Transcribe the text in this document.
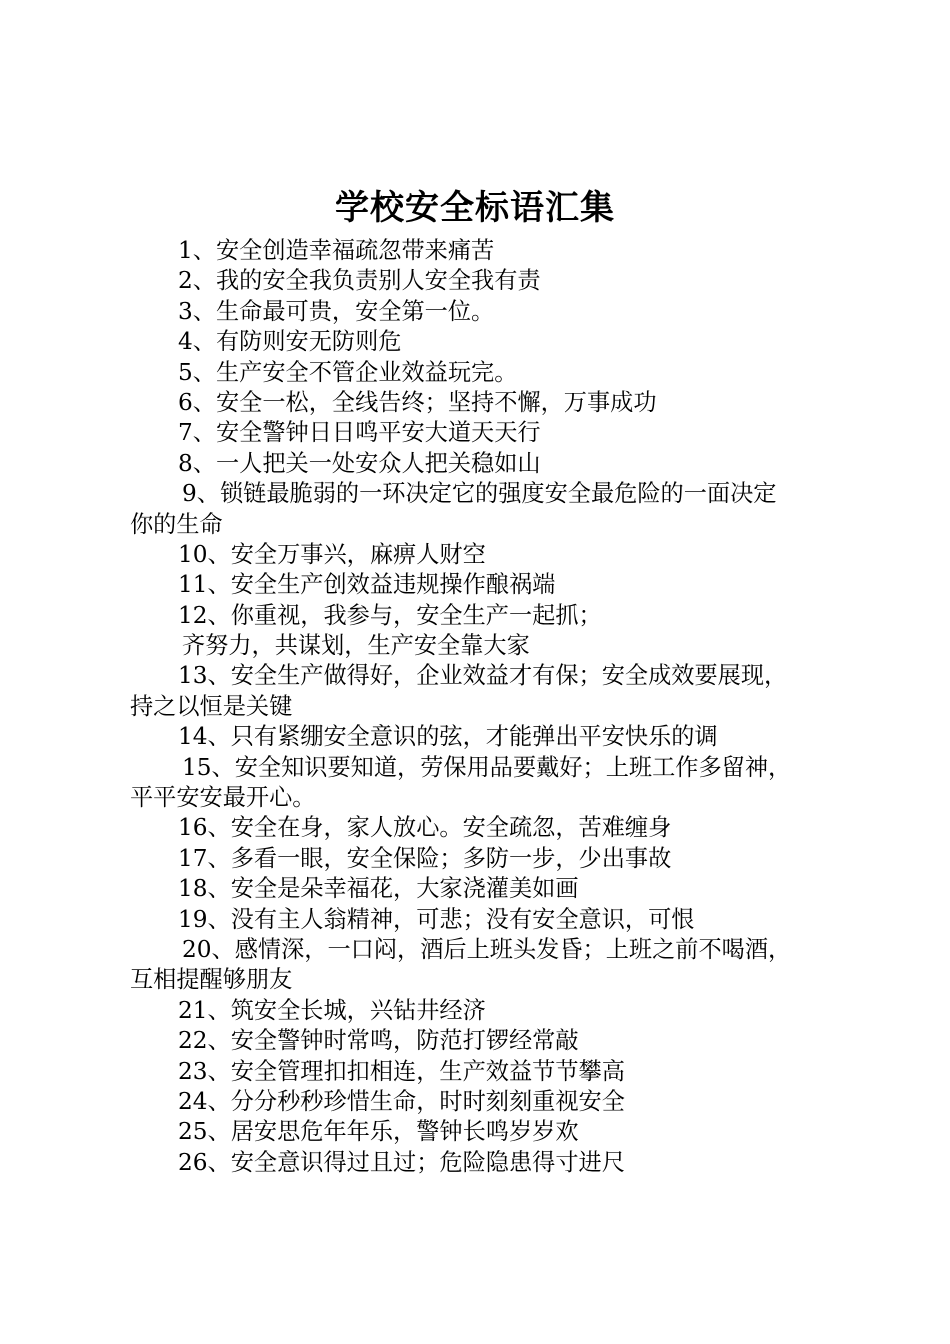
学校安全标语汇集
1、安全创造幸福疏忽带来痛苦
2、我的安全我负责别人安全我有责
3、生命最可贵，安全第一位。
4、有防则安无防则危
5、生产安全不管企业效益玩完。
6、安全一松，全线告终；坚持不懈，万事成功
7、安全警钟日日鸣平安大道天天行
8、一人把关一处安众人把关稳如山
9、锁链最脆弱的一环决定它的强度安全最危险的一面决定
你的生命
10、安全万事兴，麻痹人财空
11、安全生产创效益违规操作酿祸端
12、你重视，我参与，安全生产一起抓；
齐努力，共谋划，生产安全靠大家
13、安全生产做得好，企业效益才有保；安全成效要展现，
持之以恒是关键
14、只有紧绷安全意识的弦，才能弹出平安快乐的调
15、安全知识要知道，劳保用品要戴好；上班工作多留神，
平平安安最开心。
16、安全在身，家人放心。安全疏忽，苦难缠身
17、多看一眼，安全保险；多防一步，少出事故
18、安全是朵幸福花，大家浇灌美如画
19、没有主人翁精神，可悲；没有安全意识，可恨
20、感情深，一口闷，酒后上班头发昏；上班之前不喝酒，
互相提醒够朋友
21、筑安全长城，兴钻井经济
22、安全警钟时常鸣，防范打锣经常敲
23、安全管理扣扣相连，生产效益节节攀高
24、分分秒秒珍惜生命，时时刻刻重视安全
25、居安思危年年乐，警钟长鸣岁岁欢
26、安全意识得过且过；危险隐患得寸进尺
